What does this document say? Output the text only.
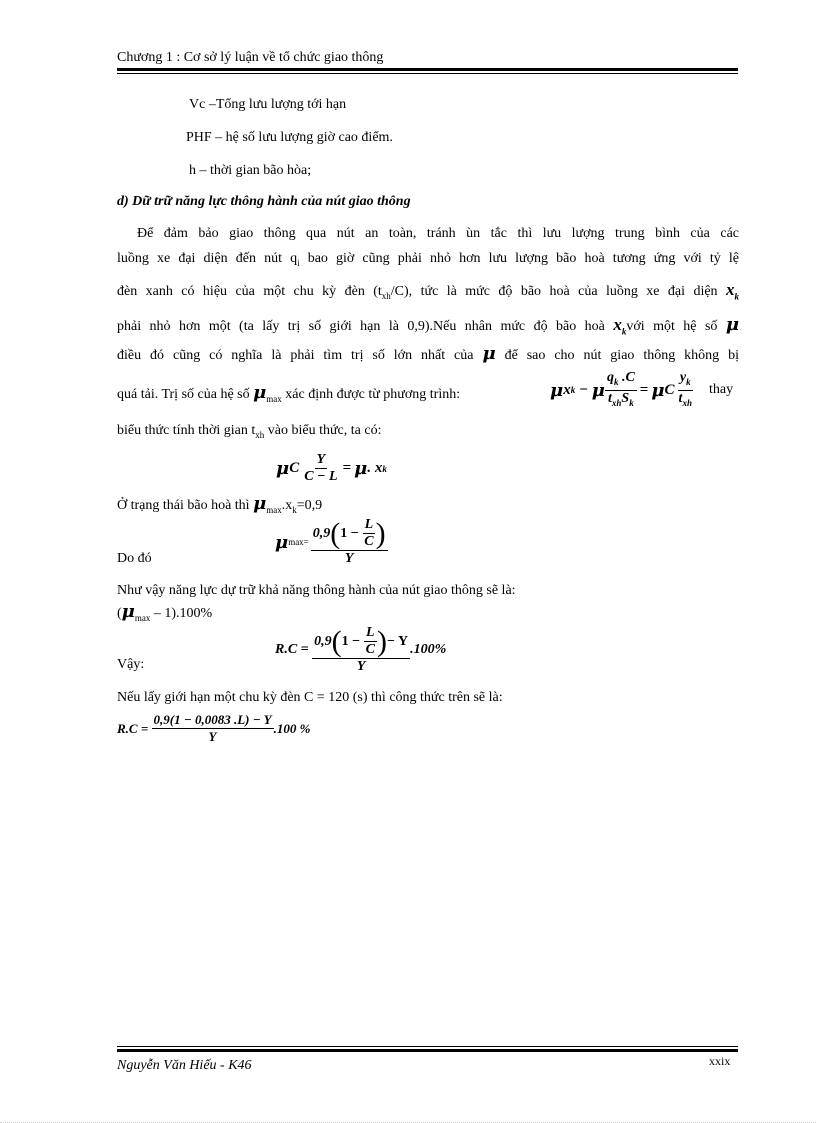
Chương 1 : Cơ sở lý luận về tổ chức giao thông
Vc –Tổng lưu lượng tới hạn
PHF – hệ số lưu lượng giờ cao điểm.
h – thời gian bão hòa;
d) Dữ trữ năng lực thông hành của nút giao thông
Để đảm bảo giao thông qua nút an toàn, tránh ùn tắc thì lưu lượng trung bình của các
luồng xe đại diện đến nút $q_i$ bao giờ cũng phải nhỏ hơn lưu lượng bão hoà tương ứng với tỷ lệ
đèn xanh có hiệu của một chu kỳ đèn $(t_{xh}/C)$, tức là mức độ bão hoà của luồng xe đại diện $x_k$
phải nhỏ hơn một (ta lấy trị số giới hạn là 0,9).Nếu nhân mức độ bão hoà $x_kvới$ một hệ số μ
điều đó cũng có nghĩa là phải tìm trị số lớn nhất của μ để sao cho nút giao thông không bị
quá tải. Trị số của hệ số $\mu_{max}$ xác định được từ phương trình:	μ x k − μ $\frac{q_k .C}{t_{xh}S_k} = \mu$ C $\frac{y_k}{t_{xh}}$ thay
biểu thức tính thời gian $t_{xh}$ vào biểu thức, ta có:
μ C $\frac{Y}{C - L} = \mu$ . x k
Ở trạng thái bão hoà thì $\mu_{max}.x_k=0,9$
Do đó
μ max= 0,9 ( 1 −
$\frac{L}{C}$ )
Y
Như vậy năng lực dự trữ khả năng thông hành của nút giao thông sẽ là:
$(\mu_{max} - 1).100\%$
Vậy:
R.C =
0,9 ( 1 −
$\frac{L}{C}$ ) − Y
Y .100%
Nếu lấy giới hạn một chu kỳ đèn C = 120 (s) thì công thức trên sẽ là:
R.C =
$\frac{0,9(1 - 0,0083 .L) - Y}{Y} .100$ %
Nguyễn Văn Hiếu - K46	xxix
